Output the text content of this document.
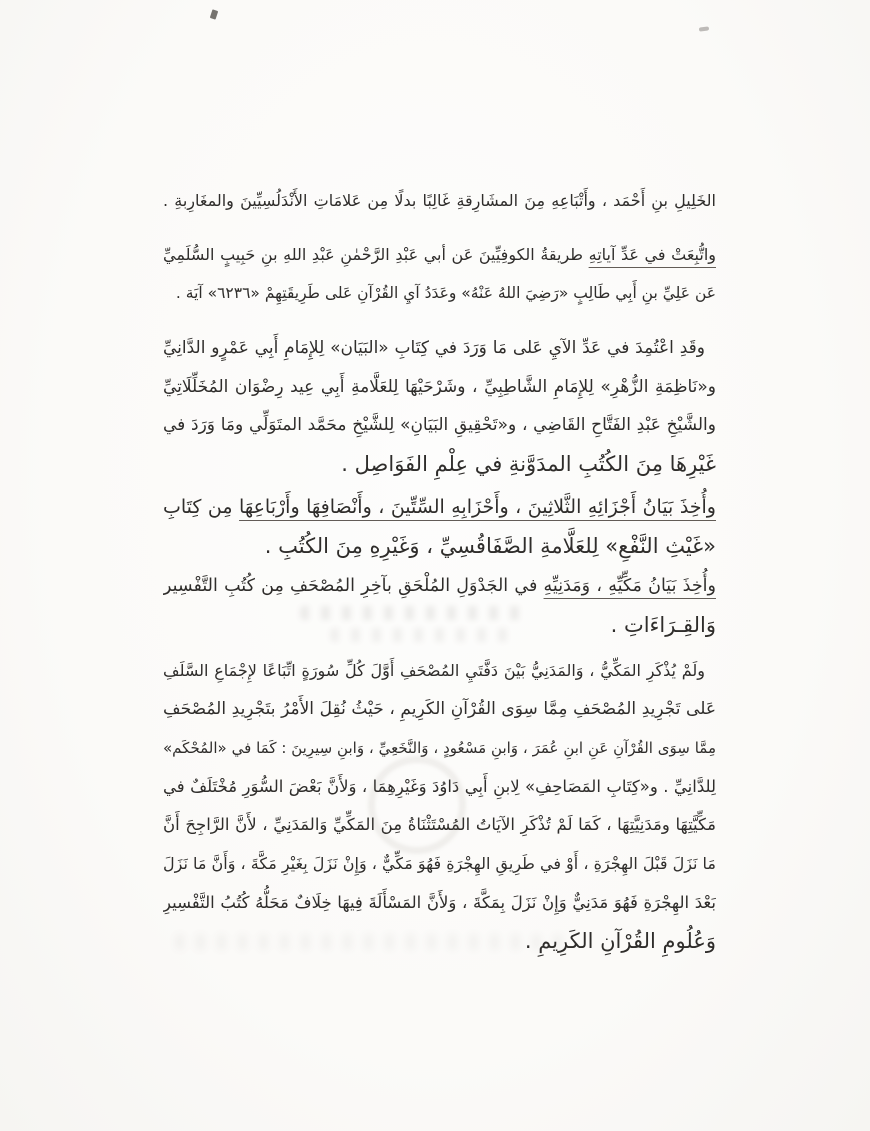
الخَلِيلِ بنِ أَحْمَد ، وأَتْبَاعِهِ مِنَ المشَارِقةِ غَالِبًا بدلًا مِن عَلامَاتِ الأَنْدَلُسِيِّينَ والمغَارِبةِ .
واتُّبِعَتْ في عَدِّ آياتِهِ طريقةُ الكوفِيِّينَ عَن أبي عَبْدِ الرَّحْمٰنِ عَبْدِ اللهِ بنِ حَبِيبٍ السُّلَمِيِّ
عَن عَلِيِّ بنِ أَبِي طَالِبٍ «رَضِيَ اللهُ عَنْهُ» وعَدَدُ آيِ القُرْآنِ عَلى طَرِيقَتِهِمْ «٦٢٣٦» آيَة .
وقَدِ اعْتُمِدَ في عَدِّ الآيِ عَلى مَا وَرَدَ في كِتَابِ «البَيَان» لِلإِمَامِ أَبِي عَمْرٍو الدَّانِيِّ
و«نَاظِمَةِ الزُّهْرِ» لِلإِمَامِ الشَّاطِبِيِّ ، وشَرْحَيْهَا لِلعَلَّامةِ أَبِي عِيد رِضْوَان المُخَلِّلَاتِيِّ
والشَّيْخِ عَبْدِ الفَتَّاحِ القَاضِي ، و«تَحْقِيقِ البَيَانِ» لِلشَّيْخِ محَمَّد المتَوَلِّي ومَا وَرَدَ في
غَيْرِهَا مِنَ الكُتُبِ المدَوَّنةِ في عِلْمِ الفَوَاصِل .
وأُخِذَ بَيَانُ أَجْزَائِهِ الثَّلاثِينَ ، وأَحْزَابِهِ السِّتِّينَ ، وأَنْصَافِهَا وأَرْبَاعِهَا مِن كِتَابِ
«غَيْثِ النَّفْعِ» لِلعَلَّامةِ الصَّفَاقُسِيِّ ، وَغَيْرِهِ مِنَ الكُتُبِ .
وأُخِذَ بَيَانُ مَكِّيِّهِ ، وَمَدَنِيِّهِ في الجَدْوَلِ المُلْحَقِ بآخِرِ المُصْحَفِ مِن كُتُبِ التَّفْسِير
وَالقِـرَاءَاتِ .
ولَمْ يُذْكَرِ المَكِّيُّ ، وَالمَدَنِيُّ بَيْنَ دَفَّتَيِ المُصْحَفِ أَوَّلَ كُلِّ سُورَةٍ اتِّبَاعًا لإِجْمَاعِ السَّلَفِ
عَلى تَجْرِيدِ المُصْحَفِ مِمَّا سِوَى القُرْآنِ الكَرِيمِ ، حَيْثُ نُقِلَ الأَمْرُ بتَجْرِيدِ المُصْحَفِ
مِمَّا سِوَى القُرْآنِ عَنِ ابنِ عُمَرَ ، وَابنِ مَسْعُودٍ ، وَالنَّخَعِيِّ ، وَابنِ سِيرِينَ : كَمَا في «المُحْكَم»
لِلدَّانِيِّ . و«كِتَابِ المَصَاحِفِ» لِابنِ أَبِي دَاوُدَ وَغَيْرِهِمَا ، وَلأَنَّ بَعْضَ السُّوَرِ مُخْتَلَفٌ في
مَكِّيَّتِهَا ومَدَنِيَّتِهَا ، كَمَا لَمْ تُذْكَرِ الآيَاتُ المُسْتَثْنَاةُ مِنَ المَكِّيِّ وَالمَدَنِيِّ ، لأَنَّ الرَّاجِحَ أَنَّ
مَا نَزَلَ قَبْلَ الهِجْرَةِ ، أَوْ في طَرِيقِ الهِجْرَةِ فَهُوَ مَكِّيٌّ ، وَإِنْ نَزَلَ بِغَيْرِ مَكَّةَ ، وَأَنَّ مَا نَزَلَ
بَعْدَ الهِجْرَةِ فَهُوَ مَدَنِيٌّ وَإِنْ نَزَلَ بِمَكَّةَ ، وَلأَنَّ المَسْأَلَةَ فِيهَا خِلَافٌ مَحَلُّهُ كُتُبُ التَّفْسِيرِ
وَعُلُومِ القُرْآنِ الكَرِيمِ .
